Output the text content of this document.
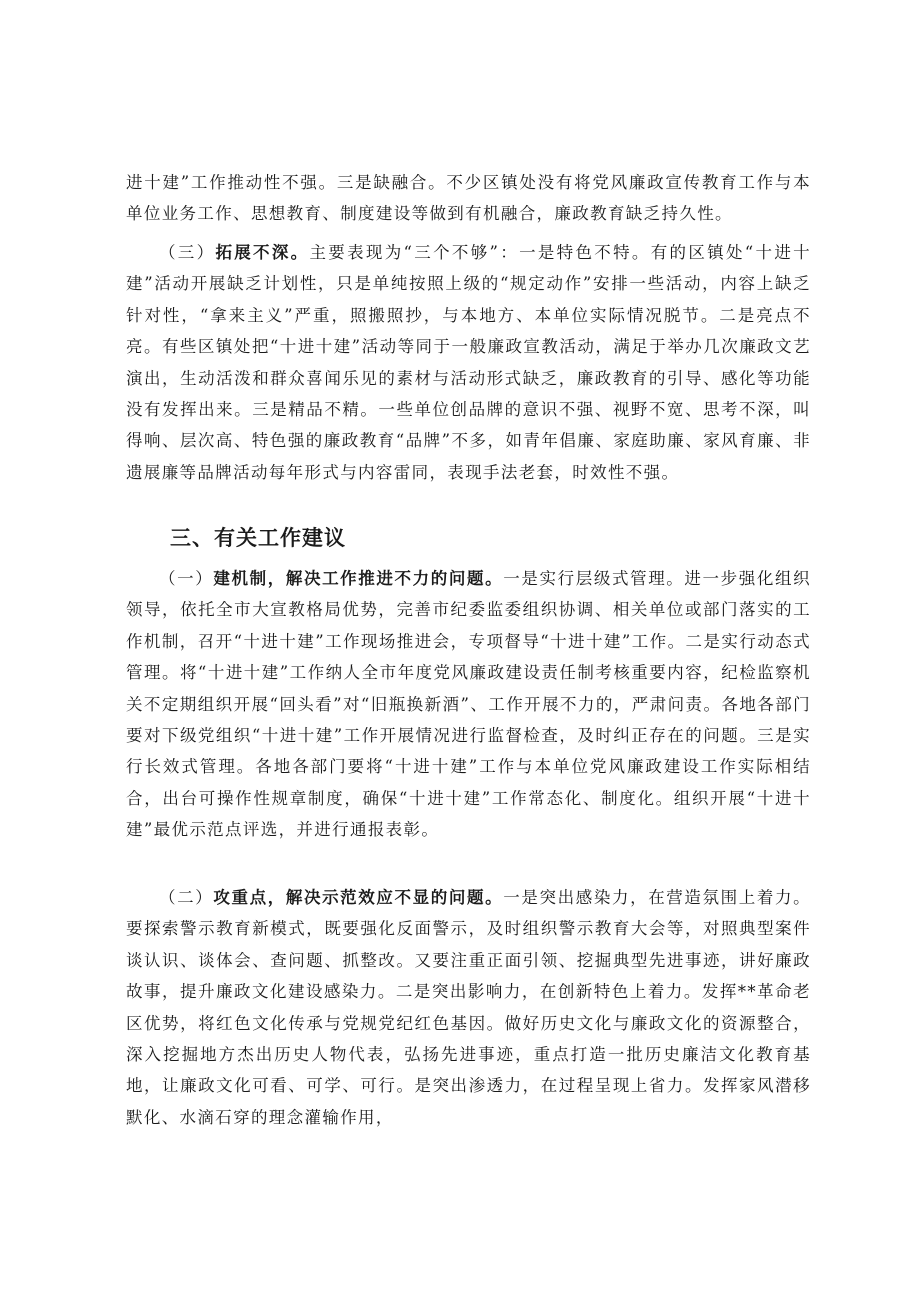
进十建”工作推动性不强。三是缺融合。不少区镇处没有将党风廉政宣传教育工作与本单位业务工作、思想教育、制度建设等做到有机融合，廉政教育缺乏持久性。

（三）拓展不深。主要表现为“三个不够”：一是特色不特。有的区镇处“十进十建”活动开展缺乏计划性，只是单纯按照上级的“规定动作”安排一些活动，内容上缺乏针对性，“拿来主义”严重，照搬照抄，与本地方、本单位实际情况脱节。二是亮点不亮。有些区镇处把“十进十建”活动等同于一般廉政宣教活动，满足于举办几次廉政文艺演出，生动活泼和群众喜闻乐见的素材与活动形式缺乏，廉政教育的引导、感化等功能没有发挥出来。三是精品不精。一些单位创品牌的意识不强、视野不宽、思考不深，叫得响、层次高、特色强的廉政教育“品牌”不多，如青年倡廉、家庭助廉、家风育廉、非遗展廉等品牌活动每年形式与内容雷同，表现手法老套，时效性不强。

三、有关工作建议

（一）建机制，解决工作推进不力的问题。一是实行层级式管理。进一步强化组织领导，依托全市大宣教格局优势，完善市纪委监委组织协调、相关单位或部门落实的工作机制，召开“十进十建”工作现场推进会，专项督导“十进十建”工作。二是实行动态式管理。将“十进十建”工作纳人全市年度党风廉政建设责任制考核重要内容，纪检监察机关不定期组织开展“回头看”对“旧瓶换新酒”、工作开展不力的，严肃问责。各地各部门要对下级党组织“十进十建”工作开展情况进行监督检查，及时纠正存在的问题。三是实行长效式管理。各地各部门要将“十进十建”工作与本单位党风廉政建设工作实际相结合，出台可操作性规章制度，确保“十进十建”工作常态化、制度化。组织开展“十进十建”最优示范点评选，并进行通报表彰。

（二）攻重点，解决示范效应不显的问题。一是突出感染力，在营造氛围上着力。要探索警示教育新模式，既要强化反面警示，及时组织警示教育大会等，对照典型案件谈认识、谈体会、查问题、抓整改。又要注重正面引领、挖掘典型先进事迹，讲好廉政故事，提升廉政文化建设感染力。二是突出影响力，在创新特色上着力。发挥**革命老区优势，将红色文化传承与党规党纪红色基因。做好历史文化与廉政文化的资源整合，深入挖掘地方杰出历史人物代表，弘扬先进事迹，重点打造一批历史廉洁文化教育基地，让廉政文化可看、可学、可行。是突出渗透力，在过程呈现上省力。发挥家风潜移默化、水滴石穿的理念灌输作用，
